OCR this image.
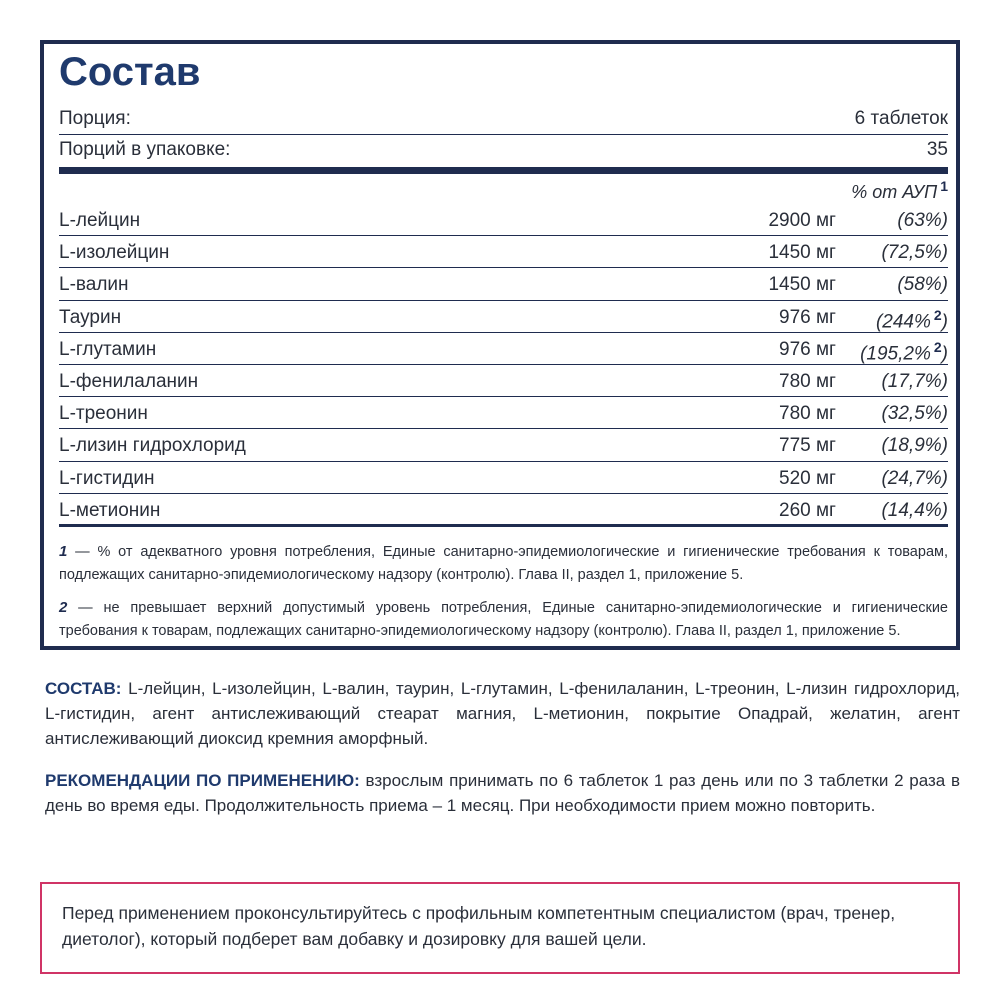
Состав
Порция:	6 таблеток
Порций в упаковке:	35
% от АУП $^1$
L-лейцин	2900 мг	(63%)
L-изолейцин	1450 мг (72,5%)
L-валин	1450 мг	(58%)
Таурин	976 мг (244% $^2$)
L-глутамин	976 мг (195,2% $^2$)
L-фенилаланин	780 мг (17,7%)
L-треонин	780 мг (32,5%)
L-лизин гидрохлорид	775 мг (18,9%)
L-гистидин	520 мг (24,7%)
L-метионин	260 мг (14,4%)
1 — % от адекватного уровня потребления, Единые санитарно-эпидемиологические и гигиенические требования к товарам, подлежащих санитарно-эпидемиологическому надзору (контролю). Глава II, раздел 1, приложение 5.
2 — не превышает верхний допустимый уровень потребления, Единые санитарно-эпидемиологические и гигиенические требования к товарам, подлежащих санитарно-эпидемиологическому надзору (контролю). Глава II, раздел 1, приложение 5.
СОСТАВ: L-лейцин, L-изолейцин, L-валин, таурин, L-глутамин, L-фенилаланин, L-треонин, L-лизин гидрохлорид, L-гистидин, агент антислеживающий стеарат магния, L-метионин, покрытие Опадрай, желатин, агент антислеживающий диоксид кремния аморфный.
РЕКОМЕНДАЦИИ ПО ПРИМЕНЕНИЮ: взрослым принимать по 6 таблеток 1 раз день или по 3 таблетки 2 раза в день во время еды. Продолжительность приема – 1 месяц. При необходимости прием можно повторить.
Перед применением проконсультируйтесь с профильным компетентным специалистом (врач, тренер, диетолог), который подберет вам добавку и дозировку для вашей цели.
